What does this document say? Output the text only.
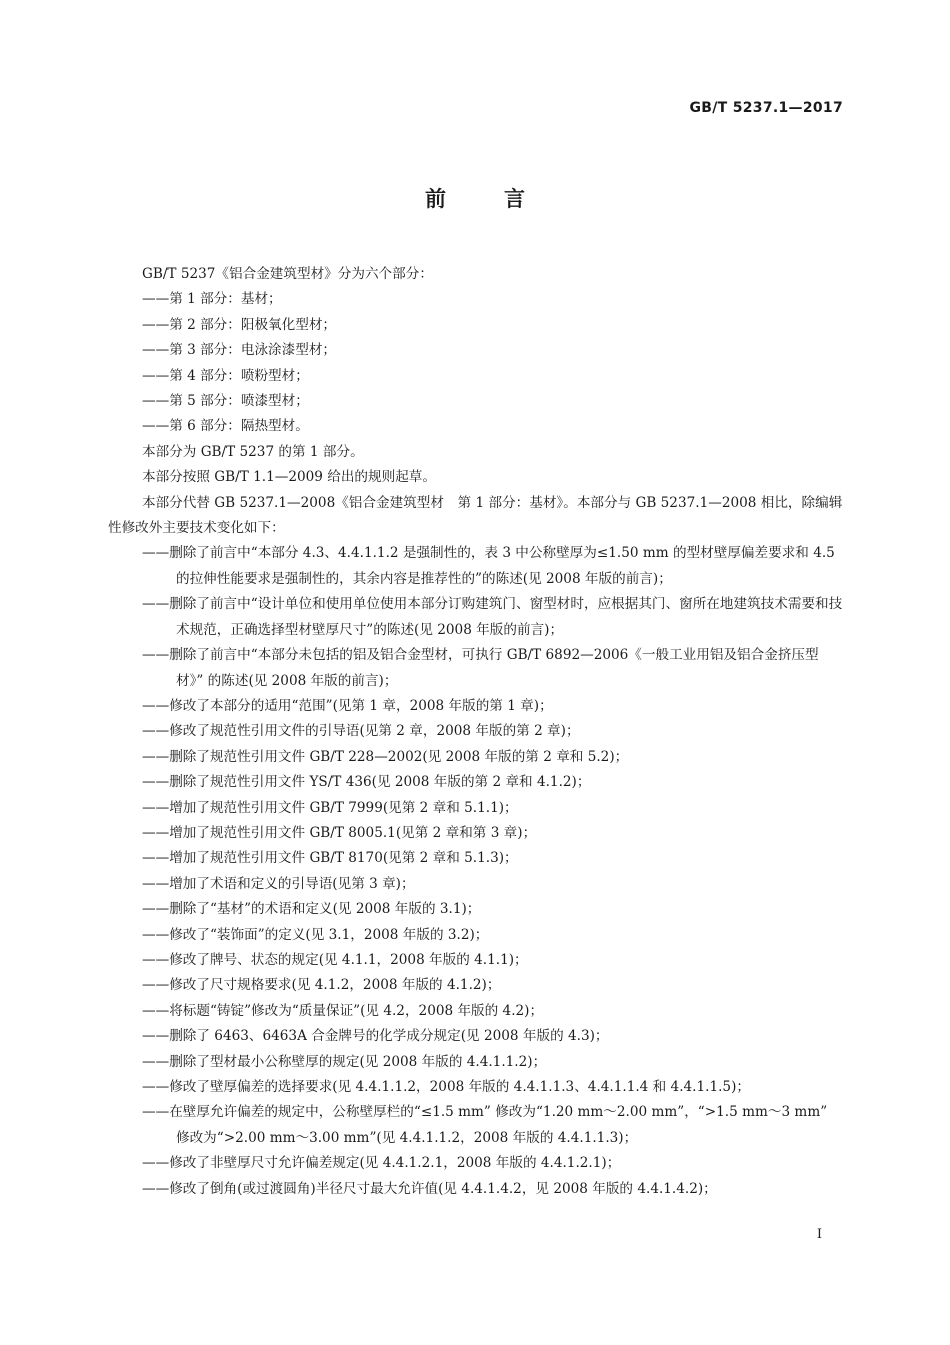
GB/T 5237.1—2017
前言

GB/T 5237《铝合金建筑型材》分为六个部分：

——第 1 部分：基材；

——第 2 部分：阳极氧化型材；

——第 3 部分：电泳涂漆型材；

——第 4 部分：喷粉型材；

——第 5 部分：喷漆型材；

——第 6 部分：隔热型材。

本部分为 GB/T 5237 的第 1 部分。

本部分按照 GB/T 1.1—2009 给出的规则起草。

本部分代替 GB 5237.1—2008《铝合金建筑型材　第 1 部分：基材》。本部分与 GB 5237.1—2008 相比，除编辑性修改外主要技术变化如下：

——删除了前言中“本部分 4.3、4.4.1.1.2 是强制性的，表 3 中公称壁厚为≤1.50 mm 的型材壁厚偏差要求和 4.5 的拉伸性能要求是强制性的，其余内容是推荐性的”的陈述(见 2008 年版的前言)；

——删除了前言中“设计单位和使用单位使用本部分订购建筑门、窗型材时，应根据其门、窗所在地建筑技术需要和技术规范，正确选择型材壁厚尺寸”的陈述(见 2008 年版的前言)；

——删除了前言中“本部分未包括的铝及铝合金型材，可执行 GB/T 6892—2006《一般工业用铝及铝合金挤压型材》” 的陈述(见 2008 年版的前言)；

——修改了本部分的适用“范围”(见第 1 章，2008 年版的第 1 章)；

——修改了规范性引用文件的引导语(见第 2 章，2008 年版的第 2 章)；

——删除了规范性引用文件 GB/T 228—2002(见 2008 年版的第 2 章和 5.2)；

——删除了规范性引用文件 YS/T 436(见 2008 年版的第 2 章和 4.1.2)；

——增加了规范性引用文件 GB/T 7999(见第 2 章和 5.1.1)；

——增加了规范性引用文件 GB/T 8005.1(见第 2 章和第 3 章)；

——增加了规范性引用文件 GB/T 8170(见第 2 章和 5.1.3)；

——增加了术语和定义的引导语(见第 3 章)；

——删除了“基材”的术语和定义(见 2008 年版的 3.1)；

——修改了“装饰面”的定义(见 3.1，2008 年版的 3.2)；

——修改了牌号、状态的规定(见 4.1.1，2008 年版的 4.1.1)；

——修改了尺寸规格要求(见 4.1.2，2008 年版的 4.1.2)；

——将标题“铸锭”修改为“质量保证”(见 4.2，2008 年版的 4.2)；

——删除了 6463、6463A 合金牌号的化学成分规定(见 2008 年版的 4.3)；

——删除了型材最小公称壁厚的规定(见 2008 年版的 4.4.1.1.2)；

——修改了壁厚偏差的选择要求(见 4.4.1.1.2，2008 年版的 4.4.1.1.3、4.4.1.1.4 和 4.4.1.1.5)；

——在壁厚允许偏差的规定中，公称壁厚栏的“≤1.5 mm” 修改为“1.20 mm～2.00 mm”，“>1.5 mm～3 mm” 修改为“>2.00 mm～3.00 mm”(见 4.4.1.1.2，2008 年版的 4.4.1.1.3)；

——修改了非壁厚尺寸允许偏差规定(见 4.4.1.2.1，2008 年版的 4.4.1.2.1)；

——修改了倒角(或过渡圆角)半径尺寸最大允许值(见 4.4.1.4.2，见 2008 年版的 4.4.1.4.2)；

I
